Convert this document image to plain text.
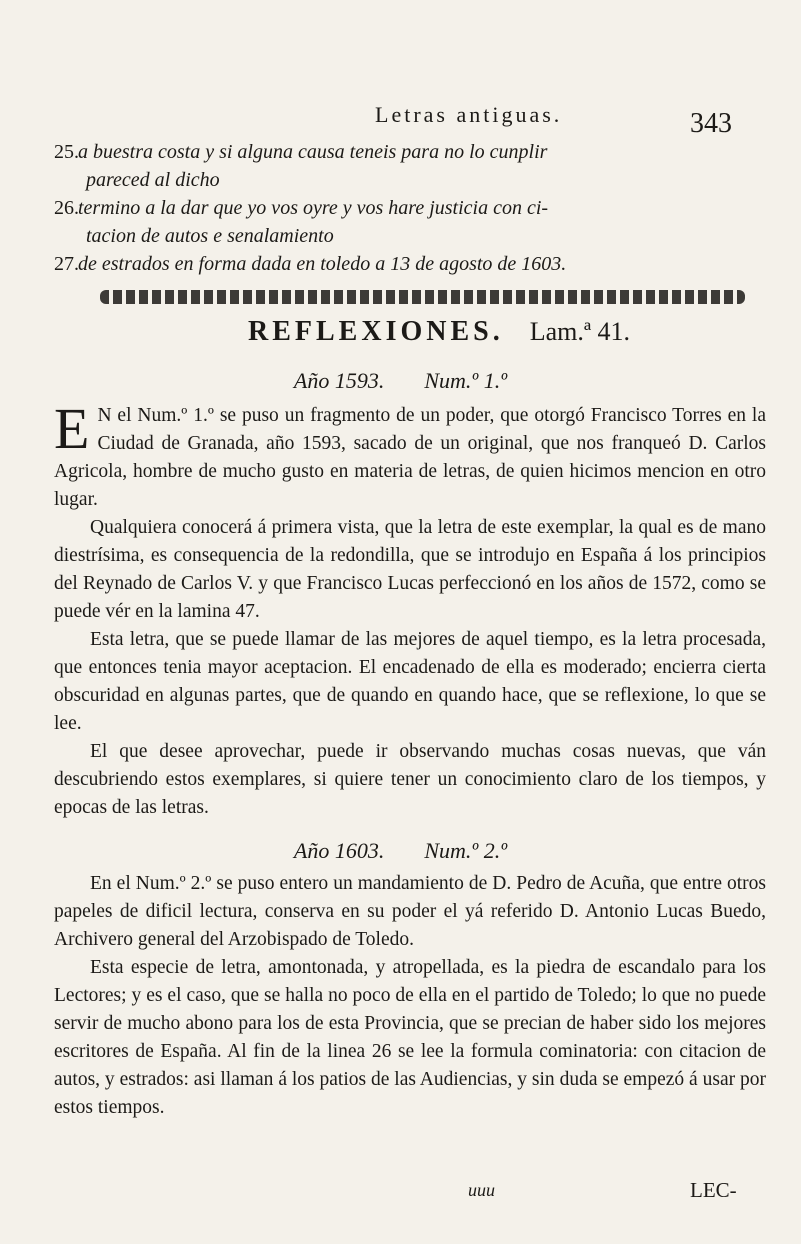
Letras antiguas.	343
25.a buestra costa y si alguna causa teneis para no lo cunplir
pareced al dicho
26.termino a la dar que yo vos oyre y vos hare justicia con ci-
tacion de autos e senalamiento
27.de estrados en forma dada en toledo a 13 de agosto de 1603.
REFLEXIONES. Lam.ª 41.
Año 1593. Num.º 1.º

E N el Num.º 1.º se puso un fragmento de un poder, que otorgó Francisco Torres en la Ciudad de Granada, año 1593, sacado de un original, que nos franqueó D. Carlos Agricola, hombre de mucho gusto en materia de letras, de quien hicimos mencion en otro lugar.

Qualquiera conocerá á primera vista, que la letra de este exemplar, la qual es de mano diestrísima, es consequencia de la redondilla, que se introdujo en España á los principios del Reynado de Carlos V. y que Francisco Lucas perfeccionó en los años de 1572, como se puede vér en la lamina 47.

Esta letra, que se puede llamar de las mejores de aquel tiempo, es la letra procesada, que entonces tenia mayor aceptacion. El encadenado de ella es moderado; encierra cierta obscuridad en algunas partes, que de quando en quando hace, que se reflexione, lo que se lee.

El que desee aprovechar, puede ir observando muchas cosas nuevas, que ván descubriendo estos exemplares, si quiere tener un conocimiento claro de los tiempos, y epocas de las letras.

Año 1603. Num.º 2.º

En el Num.º 2.º se puso entero un mandamiento de D. Pedro de Acuña, que entre otros papeles de dificil lectura, conserva en su poder el yá referido D. Antonio Lucas Buedo, Archivero general del Arzobispado de Toledo.

Esta especie de letra, amontonada, y atropellada, es la piedra de escandalo para los Lectores; y es el caso, que se halla no poco de ella en el partido de Toledo; lo que no puede servir de mucho abono para los de esta Provincia, que se precian de haber sido los mejores escritores de España. Al fin de la linea 26 se lee la formula cominatoria: con citacion de autos, y estrados: asi llaman á los patios de las Audiencias, y sin duda se empezó á usar por estos tiempos.

uuu	LEC-
